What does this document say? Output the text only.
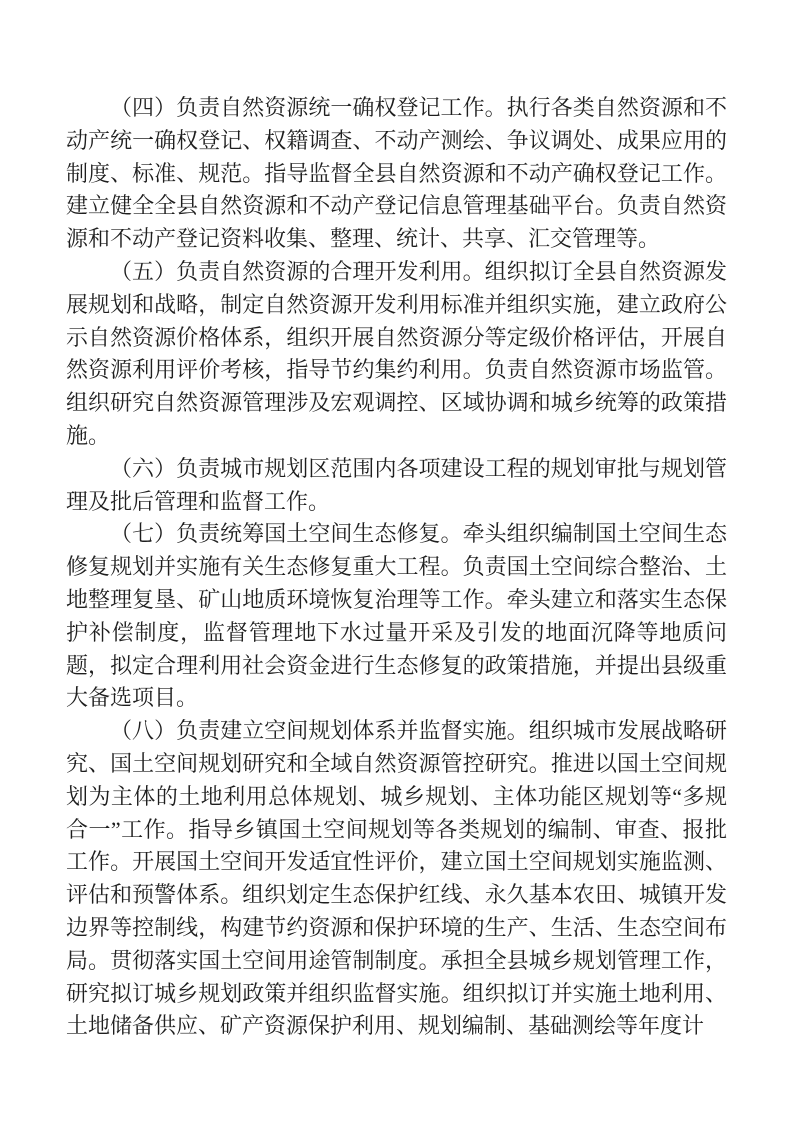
（四）负责自然资源统一确权登记工作。执行各类自然资源和不动产统一确权登记、权籍调查、不动产测绘、争议调处、成果应用的制度、标准、规范。指导监督全县自然资源和不动产确权登记工作。建立健全全县自然资源和不动产登记信息管理基础平台。负责自然资源和不动产登记资料收集、整理、统计、共享、汇交管理等。

（五）负责自然资源的合理开发利用。组织拟订全县自然资源发展规划和战略，制定自然资源开发利用标准并组织实施，建立政府公示自然资源价格体系，组织开展自然资源分等定级价格评估，开展自然资源利用评价考核，指导节约集约利用。负责自然资源市场监管。组织研究自然资源管理涉及宏观调控、区域协调和城乡统筹的政策措施。

（六）负责城市规划区范围内各项建设工程的规划审批与规划管理及批后管理和监督工作。

（七）负责统筹国土空间生态修复。牵头组织编制国土空间生态修复规划并实施有关生态修复重大工程。负责国土空间综合整治、土地整理复垦、矿山地质环境恢复治理等工作。牵头建立和落实生态保护补偿制度，监督管理地下水过量开采及引发的地面沉降等地质问题，拟定合理利用社会资金进行生态修复的政策措施，并提出县级重大备选项目。

（八）负责建立空间规划体系并监督实施。组织城市发展战略研究、国土空间规划研究和全域自然资源管控研究。推进以国土空间规划为主体的土地利用总体规划、城乡规划、主体功能区规划等“多规合一”工作。指导乡镇国土空间规划等各类规划的编制、审查、报批工作。开展国土空间开发适宜性评价，建立国土空间规划实施监测、评估和预警体系。组织划定生态保护红线、永久基本农田、城镇开发边界等控制线，构建节约资源和保护环境的生产、生活、生态空间布局。贯彻落实国土空间用途管制制度。承担全县城乡规划管理工作，研究拟订城乡规划政策并组织监督实施。组织拟订并实施土地利用、土地储备供应、矿产资源保护利用、规划编制、基础测绘等年度计
